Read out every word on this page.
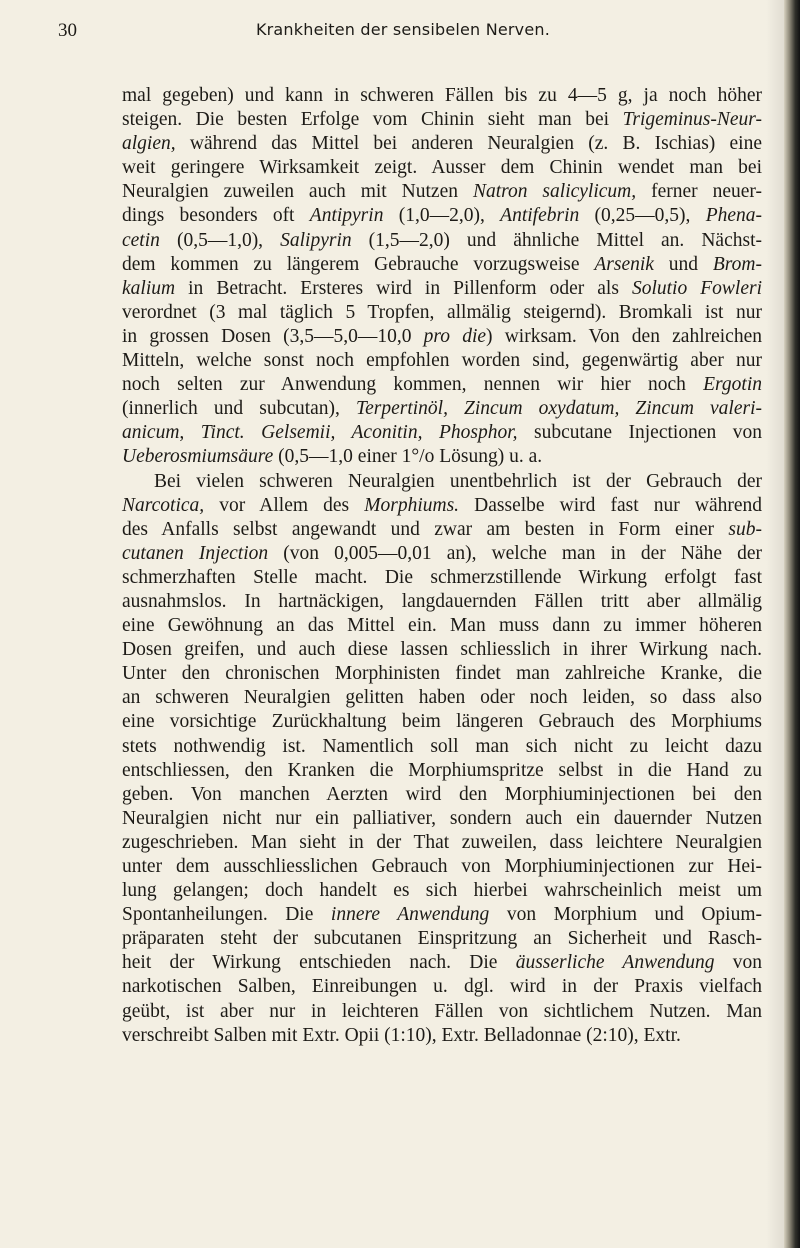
30	Krankheiten der sensibelen Nerven.
mal gegeben) und kann in schweren Fällen bis zu 4—5 g, ja noch höher
steigen. Die besten Erfolge vom Chinin sieht man bei Trigeminus-Neur-
algien, während das Mittel bei anderen Neuralgien (z. B. Ischias) eine
weit geringere Wirksamkeit zeigt. Ausser dem Chinin wendet man bei
Neuralgien zuweilen auch mit Nutzen Natron salicylicum, ferner neuer-
dings besonders oft Antipyrin (1,0—2,0), Antifebrin (0,25—0,5), Phena-
cetin (0,5—1,0), Salipyrin (1,5—2,0) und ähnliche Mittel an. Nächst-
dem kommen zu längerem Gebrauche vorzugsweise Arsenik und Brom-
kalium in Betracht. Ersteres wird in Pillenform oder als Solutio Fowleri
verordnet (3 mal täglich 5 Tropfen, allmälig steigernd). Bromkali ist nur
in grossen Dosen (3,5—5,0—10,0 pro die) wirksam. Von den zahlreichen
Mitteln, welche sonst noch empfohlen worden sind, gegenwärtig aber nur
noch selten zur Anwendung kommen, nennen wir hier noch Ergotin
(innerlich und subcutan), Terpertinöl, Zincum oxydatum, Zincum valeri-
anicum, Tinct. Gelsemii, Aconitin, Phosphor, subcutane Injectionen von
Ueberosmiumsäure (0,5—1,0 einer 1°/o Lösung) u. a.
Bei vielen schweren Neuralgien unentbehrlich ist der Gebrauch der
Narcotica, vor Allem des Morphiums. Dasselbe wird fast nur während
des Anfalls selbst angewandt und zwar am besten in Form einer sub-
cutanen Injection (von 0,005—0,01 an), welche man in der Nähe der
schmerzhaften Stelle macht. Die schmerzstillende Wirkung erfolgt fast
ausnahmslos. In hartnäckigen, langdauernden Fällen tritt aber allmälig
eine Gewöhnung an das Mittel ein. Man muss dann zu immer höheren
Dosen greifen, und auch diese lassen schliesslich in ihrer Wirkung nach.
Unter den chronischen Morphinisten findet man zahlreiche Kranke, die
an schweren Neuralgien gelitten haben oder noch leiden, so dass also
eine vorsichtige Zurückhaltung beim längeren Gebrauch des Morphiums
stets nothwendig ist. Namentlich soll man sich nicht zu leicht dazu
entschliessen, den Kranken die Morphiumspritze selbst in die Hand zu
geben. Von manchen Aerzten wird den Morphiuminjectionen bei den
Neuralgien nicht nur ein palliativer, sondern auch ein dauernder Nutzen
zugeschrieben. Man sieht in der That zuweilen, dass leichtere Neuralgien
unter dem ausschliesslichen Gebrauch von Morphiuminjectionen zur Hei-
lung gelangen; doch handelt es sich hierbei wahrscheinlich meist um
Spontanheilungen. Die innere Anwendung von Morphium und Opium-
präparaten steht der subcutanen Einspritzung an Sicherheit und Rasch-
heit der Wirkung entschieden nach. Die äusserliche Anwendung von
narkotischen Salben, Einreibungen u. dgl. wird in der Praxis vielfach
geübt, ist aber nur in leichteren Fällen von sichtlichem Nutzen. Man
verschreibt Salben mit Extr. Opii (1:10), Extr. Belladonnae (2:10), Extr.
